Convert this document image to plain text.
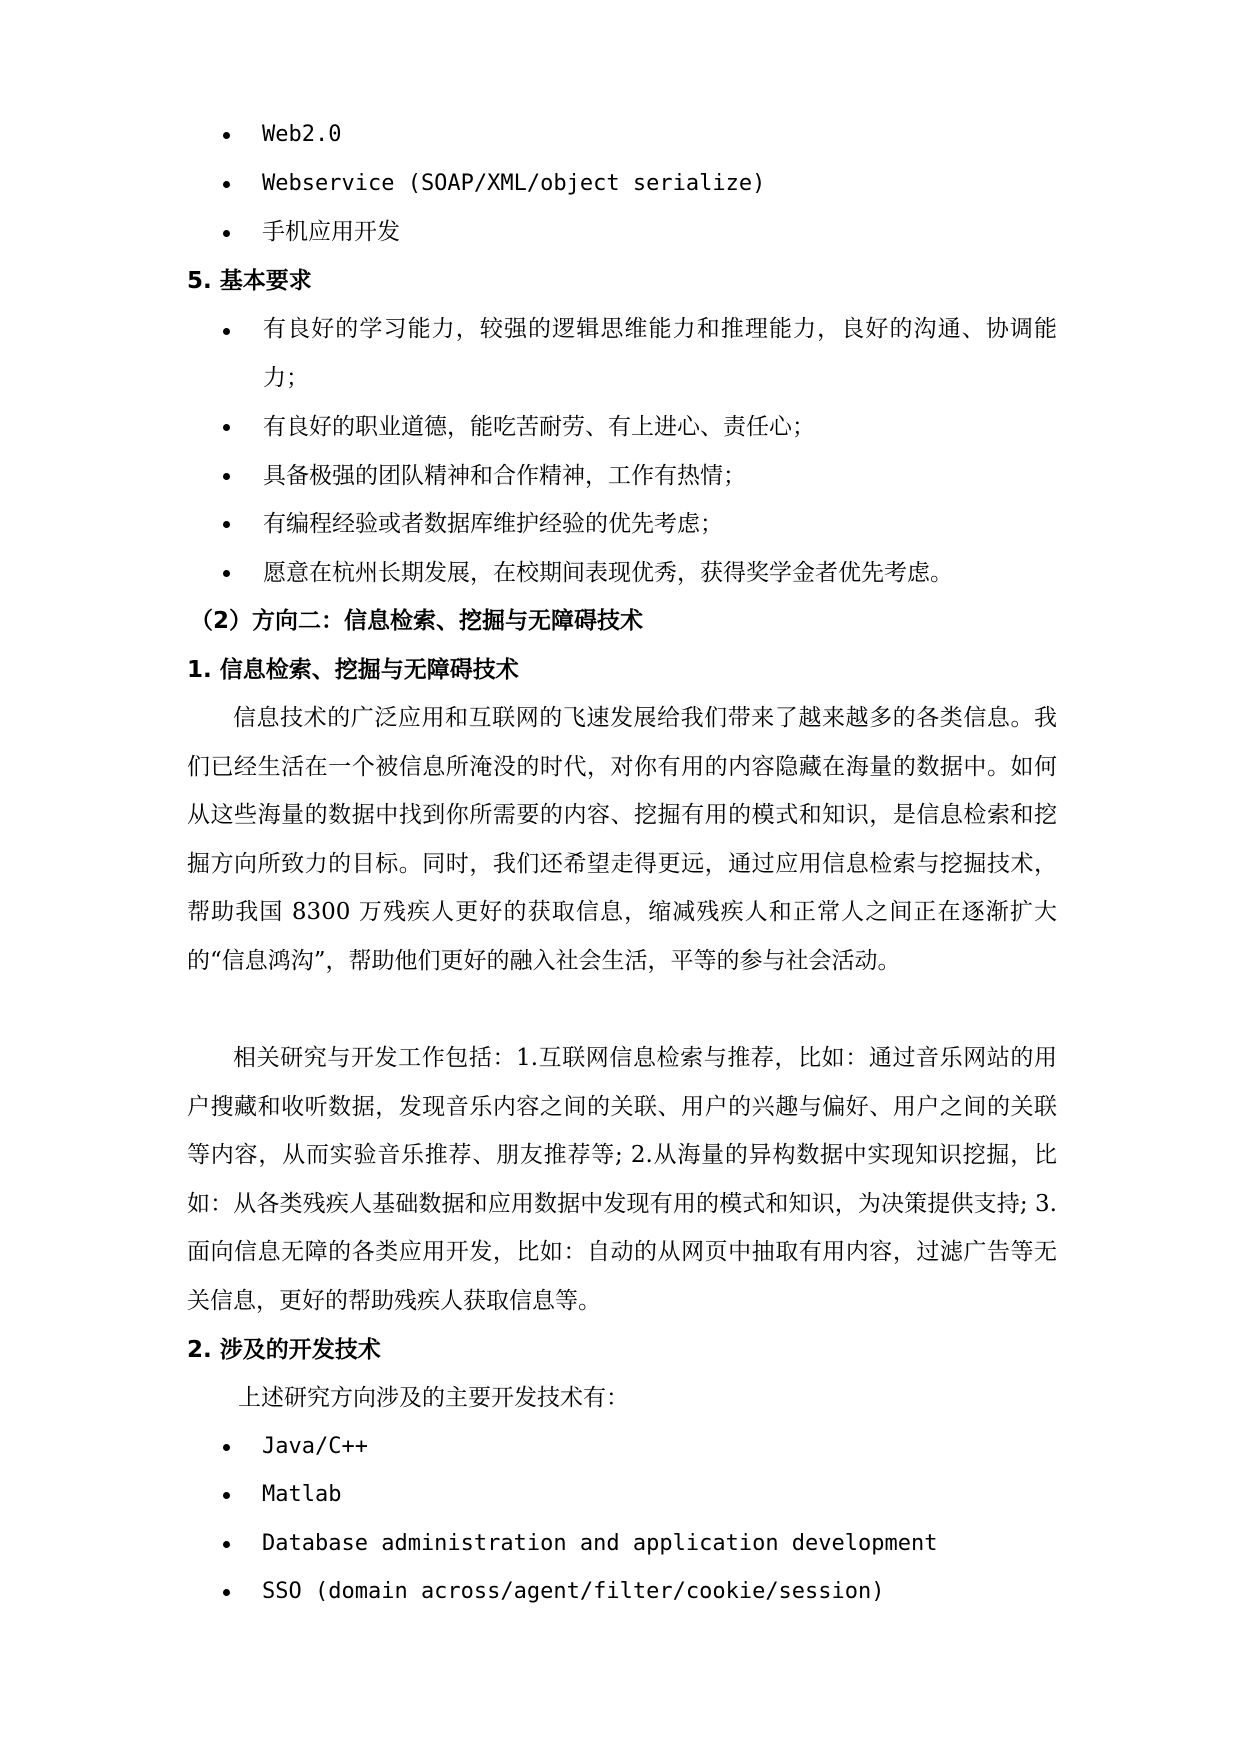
Web2.0
Webservice (SOAP/XML/object serialize)
手机应用开发
5. 基本要求
有良好的学习能力，较强的逻辑思维能力和推理能力，良好的沟通、协调能力；
有良好的职业道德，能吃苦耐劳、有上进心、责任心；
具备极强的团队精神和合作精神，工作有热情；
有编程经验或者数据库维护经验的优先考虑；
愿意在杭州长期发展，在校期间表现优秀，获得奖学金者优先考虑。
（2）方向二：信息检索、挖掘与无障碍技术
1. 信息检索、挖掘与无障碍技术
信息技术的广泛应用和互联网的飞速发展给我们带来了越来越多的各类信息。我们已经生活在一个被信息所淹没的时代，对你有用的内容隐藏在海量的数据中。如何从这些海量的数据中找到你所需要的内容、挖掘有用的模式和知识，是信息检索和挖掘方向所致力的目标。同时，我们还希望走得更远，通过应用信息检索与挖掘技术，帮助我国 8300 万残疾人更好的获取信息，缩减残疾人和正常人之间正在逐渐扩大的“信息鸿沟”，帮助他们更好的融入社会生活，平等的参与社会活动。
相关研究与开发工作包括：1.互联网信息检索与推荐，比如：通过音乐网站的用户搜藏和收听数据，发现音乐内容之间的关联、用户的兴趣与偏好、用户之间的关联等内容，从而实验音乐推荐、朋友推荐等; 2.从海量的异构数据中实现知识挖掘，比如：从各类残疾人基础数据和应用数据中发现有用的模式和知识，为决策提供支持; 3.面向信息无障的各类应用开发，比如：自动的从网页中抽取有用内容，过滤广告等无关信息，更好的帮助残疾人获取信息等。
2. 涉及的开发技术
上述研究方向涉及的主要开发技术有：
Java/C++
Matlab
Database administration and application development
SSO (domain across/agent/filter/cookie/session)
